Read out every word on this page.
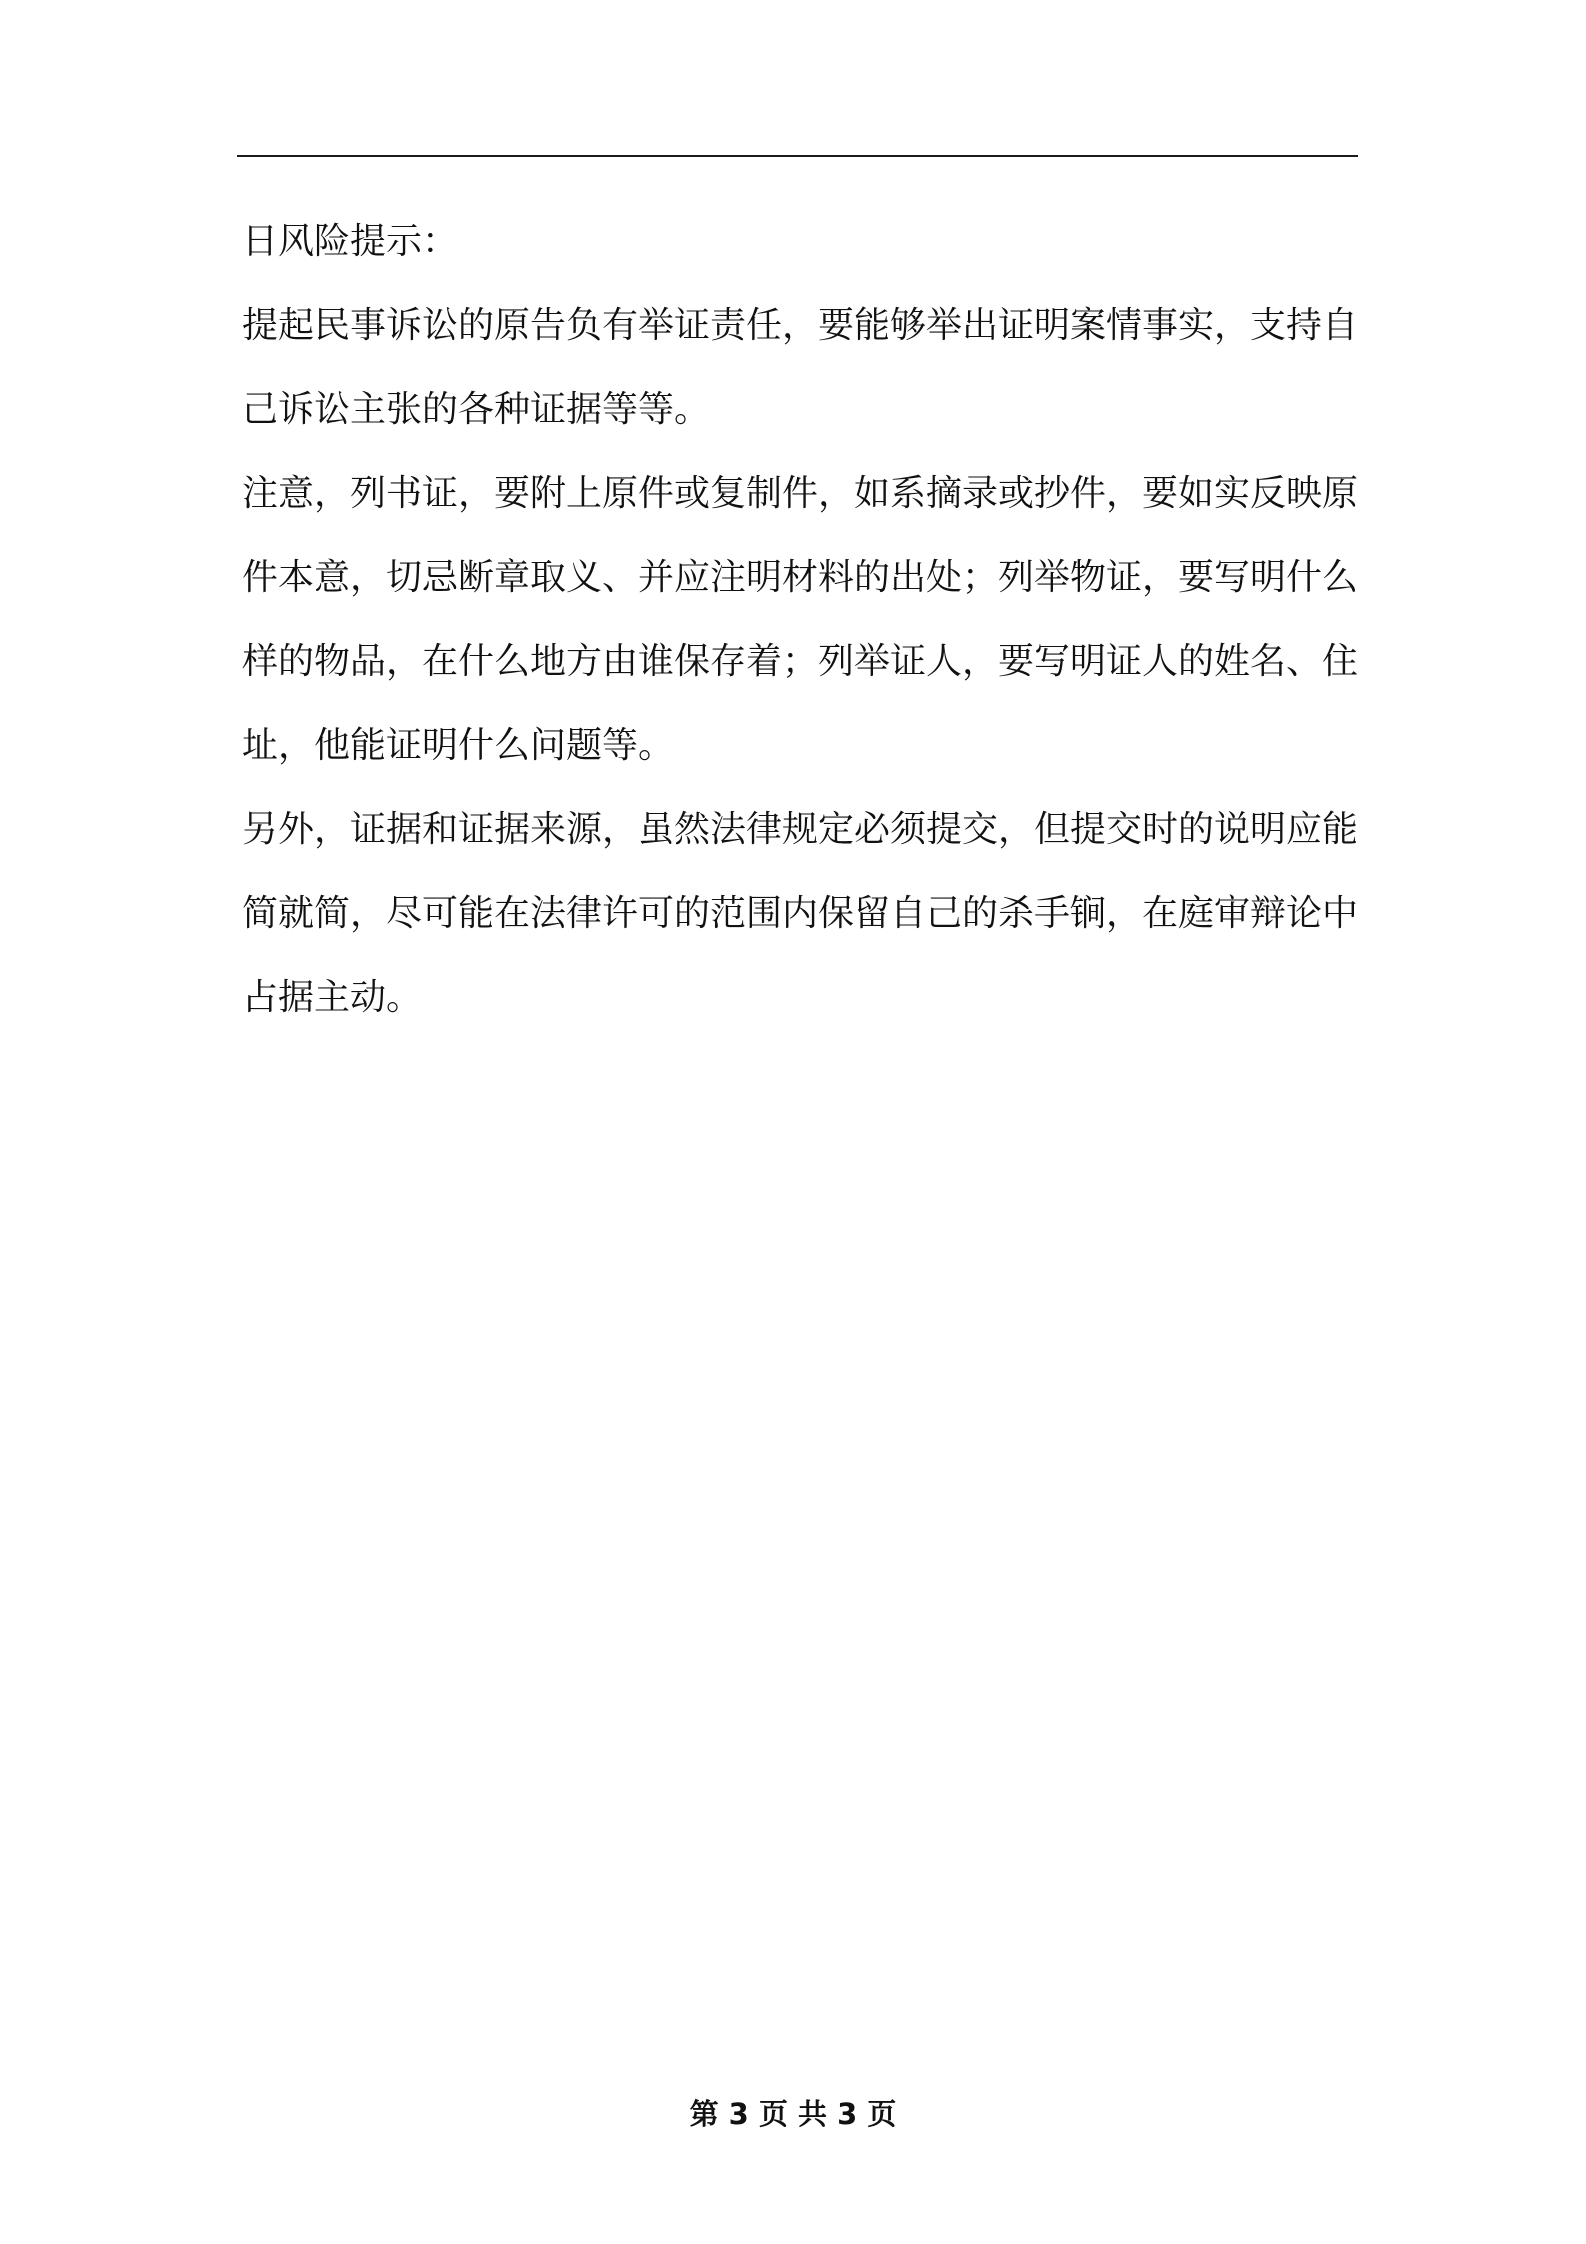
日风险提示：

提起民事诉讼的原告负有举证责任，要能够举出证明案情事实，支持自己诉讼主张的各种证据等等。

注意，列书证，要附上原件或复制件，如系摘录或抄件，要如实反映原件本意，切忌断章取义、并应注明材料的出处；列举物证，要写明什么样的物品，在什么地方由谁保存着；列举证人，要写明证人的姓名、住址，他能证明什么问题等。

另外，证据和证据来源，虽然法律规定必须提交，但提交时的说明应能简就简，尽可能在法律许可的范围内保留自己的杀手锏，在庭审辩论中占据主动。

第 3 页 共 3 页
